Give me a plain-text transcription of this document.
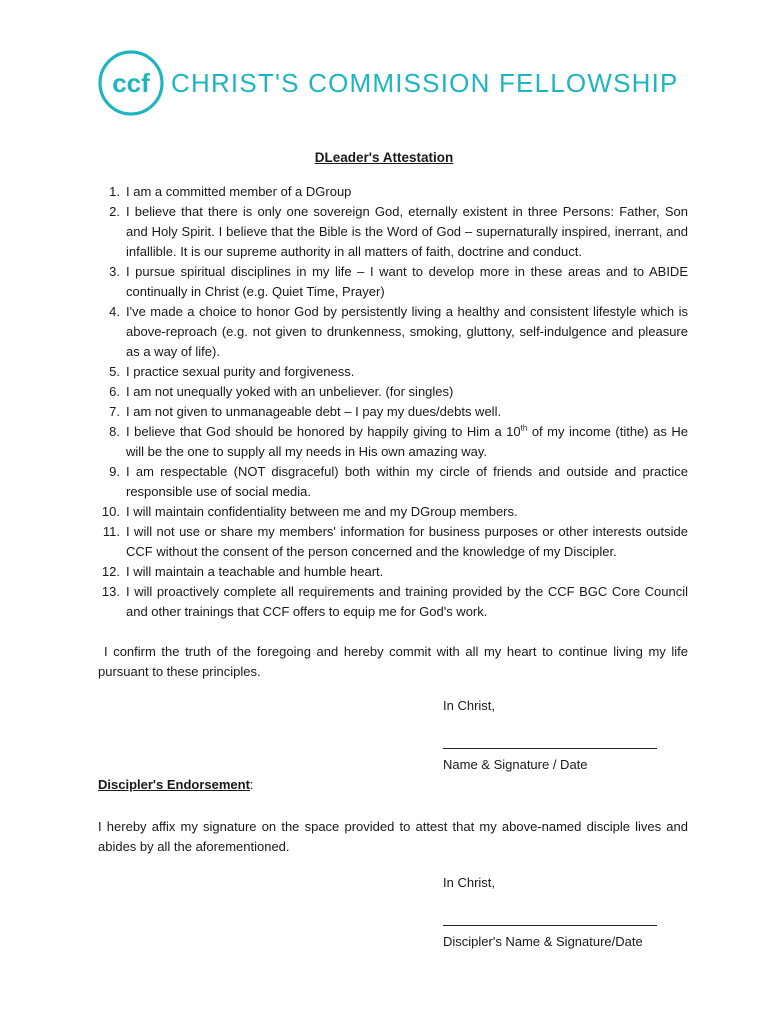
ccf CHRIST'S COMMISSION FELLOWSHIP
DLeader's Attestation
1. I am a committed member of a DGroup
2. I believe that there is only one sovereign God, eternally existent in three Persons: Father, Son and Holy Spirit. I believe that the Bible is the Word of God – supernaturally inspired, inerrant, and infallible. It is our supreme authority in all matters of faith, doctrine and conduct.
3. I pursue spiritual disciplines in my life – I want to develop more in these areas and to ABIDE continually in Christ (e.g. Quiet Time, Prayer)
4. I've made a choice to honor God by persistently living a healthy and consistent lifestyle which is above-reproach (e.g. not given to drunkenness, smoking, gluttony, self-indulgence and pleasure as a way of life).
5. I practice sexual purity and forgiveness.
6. I am not unequally yoked with an unbeliever. (for singles)
7. I am not given to unmanageable debt – I pay my dues/debts well.
8. I believe that God should be honored by happily giving to Him a 10th of my income (tithe) as He will be the one to supply all my needs in His own amazing way.
9. I am respectable (NOT disgraceful) both within my circle of friends and outside and practice responsible use of social media.
10. I will maintain confidentiality between me and my DGroup members.
11. I will not use or share my members' information for business purposes or other interests outside CCF without the consent of the person concerned and the knowledge of my Discipler.
12. I will maintain a teachable and humble heart.
13. I will proactively complete all requirements and training provided by the CCF BGC Core Council and other trainings that CCF offers to equip me for God's work.
I confirm the truth of the foregoing and hereby commit with all my heart to continue living my life pursuant to these principles.
In Christ,
Name & Signature / Date
Discipler's Endorsement:
I hereby affix my signature on the space provided to attest that my above-named disciple lives and abides by all the aforementioned.
In Christ,
Discipler's Name & Signature/Date
